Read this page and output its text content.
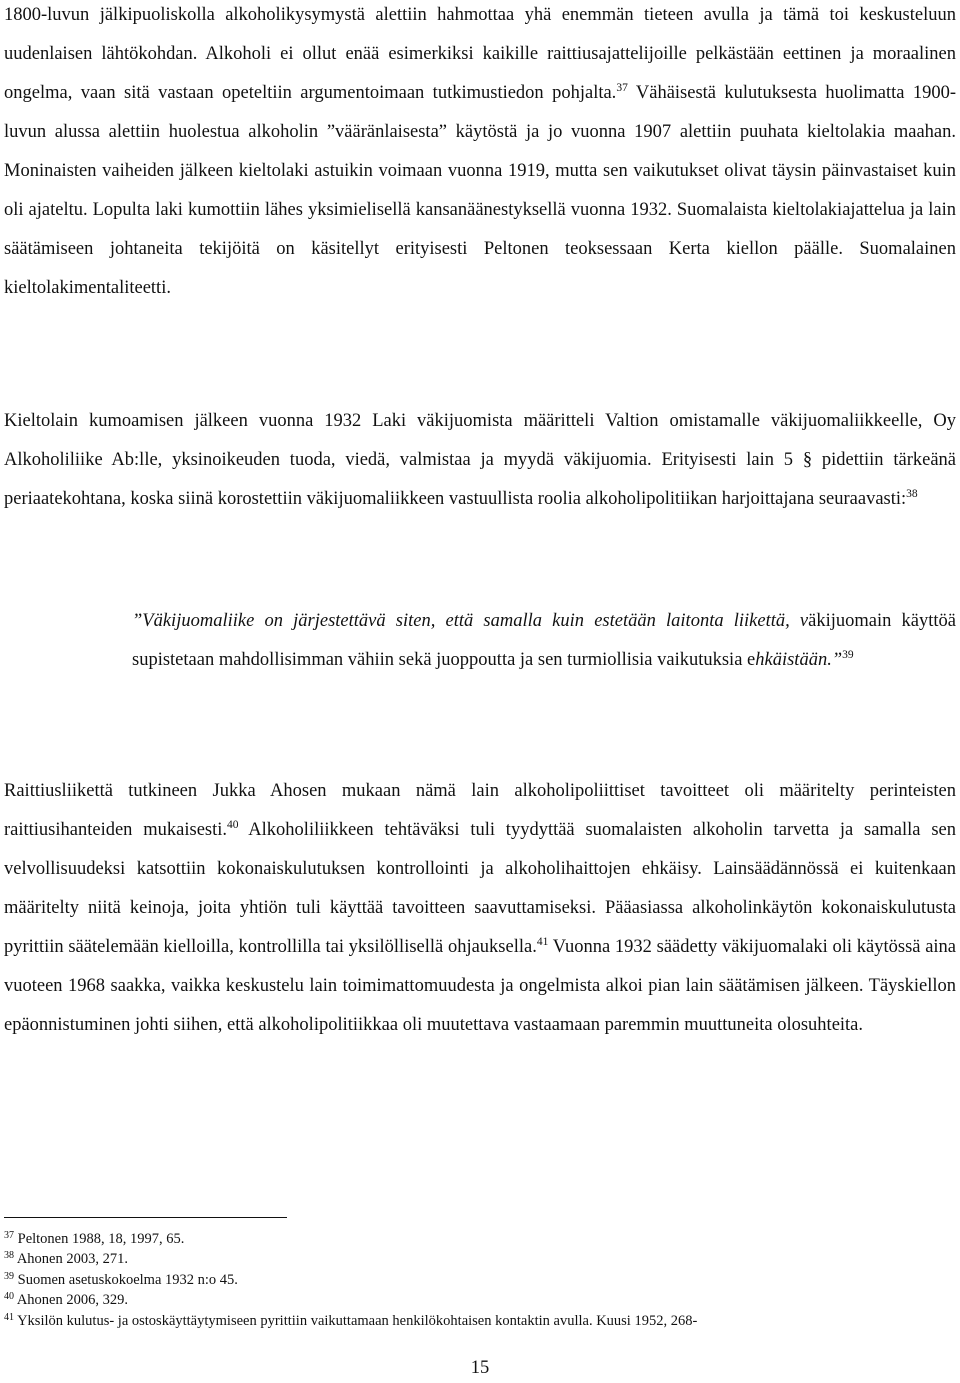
1800-luvun jälkipuoliskolla alkoholikysymystä alettiin hahmottaa yhä enemmän tieteen avulla ja tämä toi keskusteluun uudenlaisen lähtökohdan. Alkoholi ei ollut enää esimerkiksi kaikille raittiusajattelijoille pelkästään eettinen ja moraalinen ongelma, vaan sitä vastaan opeteltiin argumentoimaan tutkimustiedon pohjalta.$^{37}$ Vähäisestä kulutuksesta huolimatta 1900-luvun alussa alettiin huolestua alkoholin ”vääränlaisesta” käytöstä ja jo vuonna 1907 alettiin puuhata kieltolakia maahan. Moninaisten vaiheiden jälkeen kieltolaki astuikin voimaan vuonna 1919, mutta sen vaikutukset olivat täysin päinvastaiset kuin oli ajateltu. Lopulta laki kumottiin lähes yksimielisellä kansanäänestyksellä vuonna 1932. Suomalaista kieltolakiajattelua ja lain säätämiseen johtaneita tekijöitä on käsitellyt erityisesti Peltonen teoksessaan Kerta kiellon päälle. Suomalainen kieltolakimentaliteetti.

Kieltolain kumoamisen jälkeen vuonna 1932 Laki väkijuomista määritteli Valtion omistamalle väkijuomaliikkeelle, Oy Alkoholiliike Ab:lle, yksinoikeuden tuoda, viedä, valmistaa ja myydä väkijuomia. Erityisesti lain 5 § pidettiin tärkeänä periaatekohtana, koska siinä korostettiin väkijuomaliikkeen vastuullista roolia alkoholipolitiikan harjoittajana seuraavasti:$^{38}$

”Väkijuomaliike on järjestettävä siten, että samalla kuin estetään laitonta liikettä, väkijuomain käyttöä supistetaan mahdollisimman vähiin sekä juoppoutta ja sen turmiollisia vaikutuksia ehkäistään.”$^{39}$

Raittiusliikettä tutkineen Jukka Ahosen mukaan nämä lain alkoholipoliittiset tavoitteet oli määritelty perinteisten raittiusihanteiden mukaisesti.$^{40}$ Alkoholiliikkeen tehtäväksi tuli tyydyttää suomalaisten alkoholin tarvetta ja samalla sen velvollisuudeksi katsottiin kokonaiskulutuksen kontrollointi ja alkoholihaittojen ehkäisy. Lainsäädännössä ei kuitenkaan määritelty niitä keinoja, joita yhtiön tuli käyttää tavoitteen saavuttamiseksi. Pääasiassa alkoholinkäytön kokonaiskulutusta pyrittiin säätelemään kielloilla, kontrollilla tai yksilöllisellä ohjauksella.$^{41}$ Vuonna 1932 säädetty väkijuomalaki oli käytössä aina vuoteen 1968 saakka, vaikka keskustelu lain toimimattomuudesta ja ongelmista alkoi pian lain säätämisen jälkeen. Täyskiellon epäonnistuminen johti siihen, että alkoholipolitiikkaa oli muutettava vastaamaan paremmin muuttuneita olosuhteita.

$^{37}$ Peltonen 1988, 18, 1997, 65.

$^{38}$ Ahonen 2003, 271.

$^{39}$ Suomen asetuskokoelma 1932 n:o 45.

$^{40}$ Ahonen 2006, 329.

$^{41}$ Yksilön kulutus- ja ostoskäyttäytymiseen pyrittiin vaikuttamaan henkilökohtaisen kontaktin avulla. Kuusi 1952, 268-

15
